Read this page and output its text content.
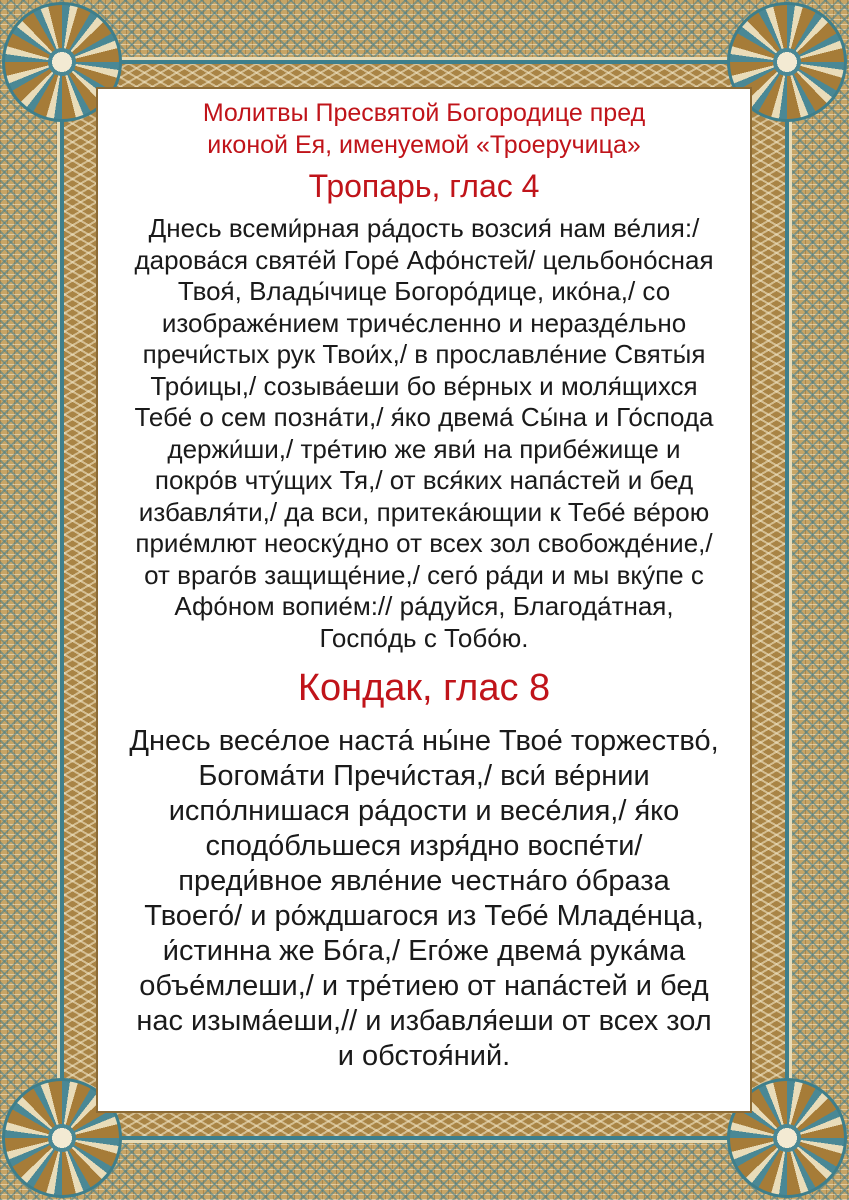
Молитвы Пресвятой Богородице пред
иконой Ея, именуемой «Троеручица»
Тропарь, глас 4
Днесь всеми́рная ра́дость возсия́ нам ве́лия:/
дарова́ся святе́й Горе́ Афо́нстей/ цельбоно́сная
Твоя́, Влады́чице Богоро́дице, ико́на,/ со
изображе́нием триче́сленно и нераздéльно
пречи́стых рук Твои́х,/ в прославле́ние Святы́я
Тро́ицы,/ созыва́еши бо вéрных и моля́щихся
Тебе́ о сем позна́ти,/ я́ко двема́ Сы́на и Го́спода
держи́ши,/ тре́тию же яви́ на прибе́жище и
покро́в чту́щих Тя,/ от вся́ких напа́стей и бед
избавля́ти,/ да вси, притека́ющии к Тебе́ ве́рою
прие́млют неоску́дно от всех зол свобожде́ние,/
от враго́в защище́ние,/ сего́ ра́ди и мы вку́пе с
Афо́ном вопие́м:// ра́дуйся, Благода́тная,
Госпо́дь с Тобо́ю.
Кондак, глас 8
Днесь весе́лое наста́ ны́не Твое́ торжество́,
Богома́ти Пречи́стая,/ вси́ ве́рнии
испо́лнишася ра́дости и весе́лия,/ я́ко
сподо́бльшеся изря́дно воспе́ти/
преди́вное явле́ние честна́го о́браза
Твоего́/ и ро́ждшагося из Тебе́ Младе́нца,
и́стинна же Бо́га,/ Его́же двема́ рука́ма
объе́млеши,/ и тре́тиею от напа́стей и бед
нас изыма́еши,// и избавля́еши от всех зол
и обстоя́ний.
